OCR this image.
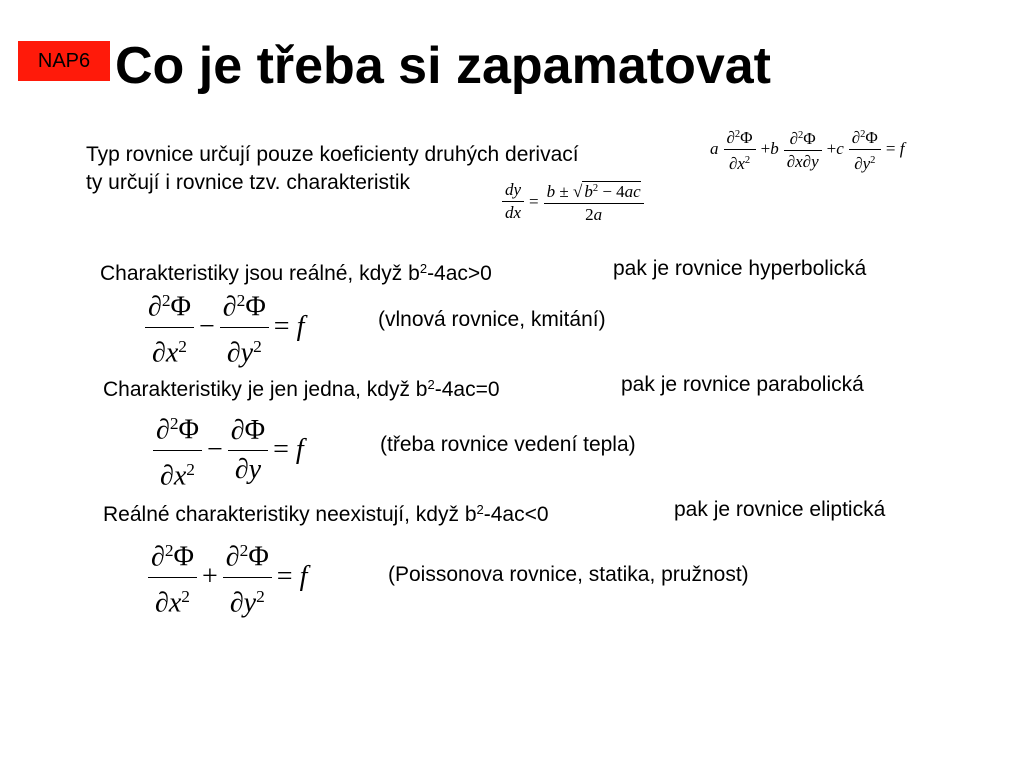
NAP6 Co je třeba si zapamatovat
a $\frac{\partial^2\Phi}{\partial x^2} +b \frac{\partial^2\Phi}{\partial x\partial y} +c \frac{\partial^2\Phi}{\partial y^2} = f$
Typ rovnice určují pouze koeficienty druhých derivací
ty určují i rovnice tzv. charakteristik	$\frac{dy}{dx} = \frac{b \pm √ b^2 - 4ac}{2a}$
Charakteristiky jsou reálné, když $b^2-4ac>0$	pak je rovnice hyperbolická
$\frac{\partial^2\Phi}{\partial x^2} - \frac{\partial^2\Phi}{\partial y^2} = f$	(vlnová rovnice, kmitání)
Charakteristiky je jen jedna, když $b^2-4ac=0$	pak je rovnice parabolická
$\frac{\partial^2\Phi}{\partial x^2} - \frac{\partial\Phi}{\partial y} = f$	(třeba rovnice vedení tepla)
Reálné charakteristiky neexistují, když $b^2-4ac<0$	pak je rovnice eliptická
$\frac{\partial^2\Phi}{\partial x^2} + \frac{\partial^2\Phi}{\partial y^2} = f$	(Poissonova rovnice, statika, pružnost)
